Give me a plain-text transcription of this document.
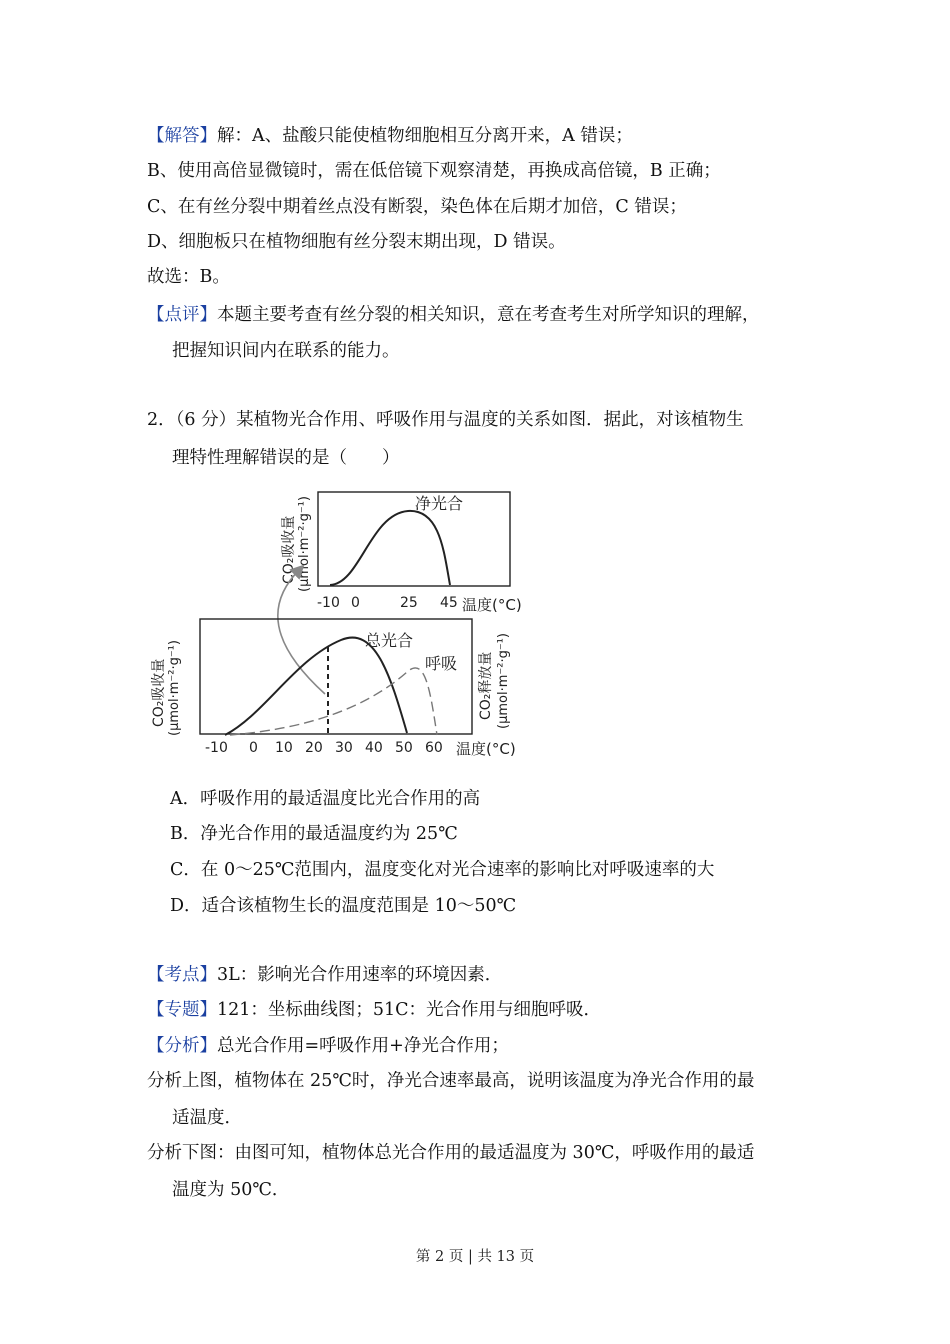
【解答】解：A、盐酸只能使植物细胞相互分离开来，A 错误；
B、使用高倍显微镜时，需在低倍镜下观察清楚，再换成高倍镜，B 正确；
C、在有丝分裂中期着丝点没有断裂，染色体在后期才加倍，C 错误；
D、细胞板只在植物细胞有丝分裂末期出现，D 错误。
故选：B。
【点评】本题主要考查有丝分裂的相关知识，意在考查考生对所学知识的理解，
把握知识间内在联系的能力。
2．（6 分）某植物光合作用、呼吸作用与温度的关系如图．据此，对该植物生
理特性理解错误的是（　　）
净光合
CO₂吸收量 (μmol·m⁻²·g⁻¹)
-10 0	25 45 温度(°C)
总光合
呼吸
CO₂吸收量 (μmol·m⁻²·g⁻¹)	CO₂释放量 (μmol·m⁻²·g⁻¹)
-10 0 10 20 30 40 50 60 温度(°C)
A．呼吸作用的最适温度比光合作用的高
B．净光合作用的最适温度约为 25℃
C．在 0～25℃范围内，温度变化对光合速率的影响比对呼吸速率的大
D．适合该植物生长的温度范围是 10～50℃
【考点】3L：影响光合作用速率的环境因素．
【专题】121：坐标曲线图；51C：光合作用与细胞呼吸．
【分析】总光合作用=呼吸作用+净光合作用；
分析上图，植物体在 25℃时，净光合速率最高，说明该温度为净光合作用的最
适温度．
分析下图：由图可知，植物体总光合作用的最适温度为 30℃，呼吸作用的最适
温度为 50℃．
第 2 页 | 共 13 页
